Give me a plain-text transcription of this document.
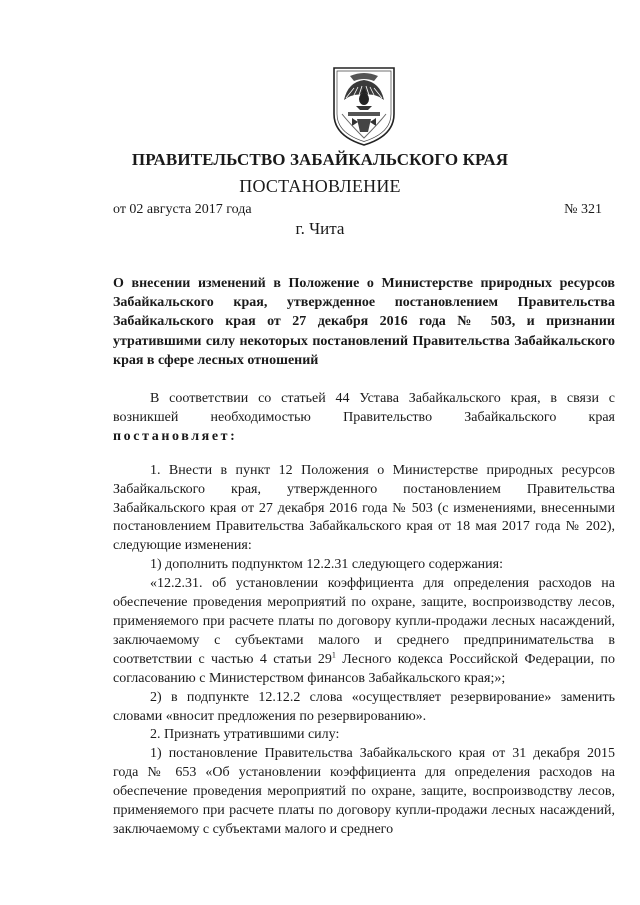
ПРАВИТЕЛЬСТВО ЗАБАЙКАЛЬСКОГО КРАЯ
ПОСТАНОВЛЕНИЕ
от 02 августа 2017 года	№ 321
г. Чита
О внесении изменений в Положение о Министерстве природных ресурсов Забайкальского края, утвержденное постановлением Правительства Забайкальского края от 27 декабря 2016 года № 503, и признании утратившими силу некоторых постановлений Правительства Забайкальского края в сфере лесных отношений

В соответствии со статьей 44 Устава Забайкальского края, в связи с возникшей необходимостью Правительство Забайкальского края постановляет:

1. Внести в пункт 12 Положения о Министерстве природных ресурсов Забайкальского края, утвержденного постановлением Правительства Забайкальского края от 27 декабря 2016 года № 503 (с изменениями, внесенными постановлением Правительства Забайкальского края от 18 мая 2017 года № 202), следующие изменения:

1) дополнить подпунктом 12.2.31 следующего содержания:

«12.2.31. об установлении коэффициента для определения расходов на обеспечение проведения мероприятий по охране, защите, воспроизводству лесов, применяемого при расчете платы по договору купли-продажи лесных насаждений, заключаемому с субъектами малого и среднего предпринимательства в соответствии с частью 4 статьи $29^1$ Лесного кодекса Российской Федерации, по согласованию с Министерством финансов Забайкальского края;»;

2) в подпункте 12.12.2 слова «осуществляет резервирование» заменить словами «вносит предложения по резервированию».

2. Признать утратившими силу:

1) постановление Правительства Забайкальского края от 31 декабря 2015 года № 653 «Об установлении коэффициента для определения расходов на обеспечение проведения мероприятий по охране, защите, воспроизводству лесов, применяемого при расчете платы по договору купли-продажи лесных насаждений, заключаемому с субъектами малого и среднего
